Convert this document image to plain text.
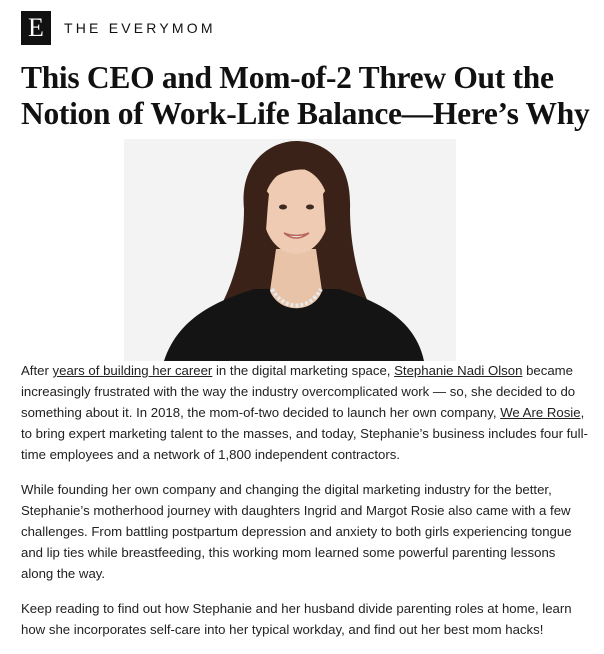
E	THE EVERYMOM
This CEO and Mom-of-2 Threw Out the Notion of Work-Life Balance—Here’s Why

After years of building her career in the digital marketing space, Stephanie Nadi Olson became increasingly frustrated with the way the industry overcomplicated work — so, she decided to do something about it. In 2018, the mom-of-two decided to launch her own company, We Are Rosie, to bring expert marketing talent to the masses, and today, Stephanie’s business includes four full-time employees and a network of 1,800 independent contractors.

While founding her own company and changing the digital marketing industry for the better, Stephanie’s motherhood journey with daughters Ingrid and Margot Rosie also came with a few challenges. From battling postpartum depression and anxiety to both girls experiencing tongue and lip ties while breastfeeding, this working mom learned some powerful parenting lessons along the way.

Keep reading to find out how Stephanie and her husband divide parenting roles at home, learn how she incorporates self-care into her typical workday, and find out her best mom hacks!
